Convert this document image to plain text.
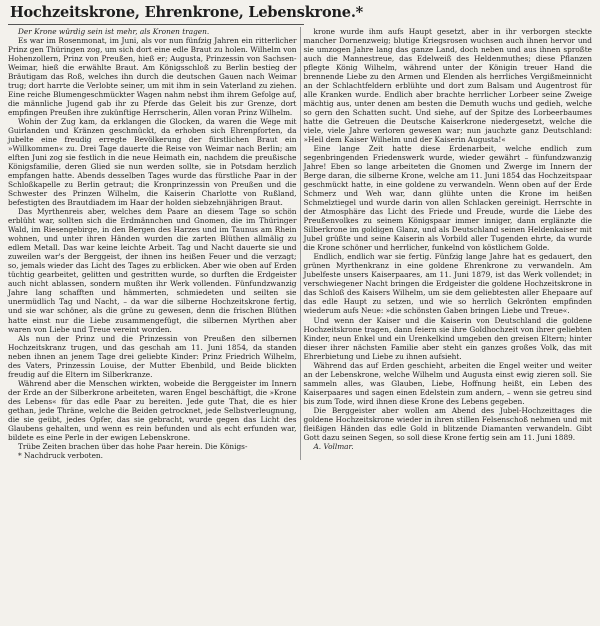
Hochzeitskrone, Ehrenkrone, Lebenskrone.*
Der Krone würdig sein ist mehr, als Kronen tragen.

Es war im Rosenmonat, im Juni, als vor nun fünfzig Jahren ein ritterlicher Prinz gen Thüringen zog, um sich dort eine edle Braut zu holen. Wilhelm von Hohenzollern, Prinz von Preußen, hieß er; Augusta, Prinzessin von Sachsen-Weimar, hieß die erwählte Braut. Am Königsschloß zu Berlin bestieg der Bräutigam das Roß, welches ihn durch die deutschen Gauen nach Weimar trug; dort harrte die Verlobte seiner, um mit ihm in sein Vaterland zu ziehen. Eine reiche Blumengeschmückter Wagen nahm nebst ihm ihrem Gefolge auf, die männliche Jugend gab ihr zu Pferde das Geleit bis zur Grenze, dort empfingen Preußen ihre zukünftige Herrscherin, Allen voran Prinz Wilhelm.

Wohin der Zug kam, da erklangen die Glocken, da waren die Wege mit Guirlanden und Kränzen geschmückt, da erhoben sich Ehrenpforten, da jubelte eine freudig erregte Bevölkerung der fürstlichen Braut ein »Willkommen« zu. Drei Tage dauerte die Reise von Weimar nach Berlin; am elften Juni zog sie festlich in die neue Heimath ein, nachdem die preußische Königsfamilie, deren Glied sie nun werden sollte, sie in Potsdam herzlich empfangen hatte. Abends desselben Tages wurde das fürstliche Paar in der Schloßkapelle zu Berlin getraut; die Kronprinzessin von Preußen und die Schwester des Prinzen Wilhelm, die Kaiserin Charlotte von Rußland, befestigten des Brautdiadem im Haar der holden siebzehnjährigen Braut.

Das Myrthenreis aber, welches dem Paare an diesem Tage so schön erblüht war, sollten sich die Erdmännchen und Gnomen, die im Thüringer Wald, im Riesengebirge, in den Bergen des Harzes und im Taunus am Rhein wohnen, und unter ihren Händen wurden die zarten Blüthen allmälig zu edlem Metall. Das war keine leichte Arbeit. Tag und Nacht dauerte sie und zuweilen war's der Berggeist, der ihnen ins heißen Feuer und die verzagt; so, jemals wieder das Licht des Tages zu erblicken. Aber wie oben auf Erden tüchtig gearbeitet, gelitten und gestritten wurde, so durften die Erdgeister auch nicht ablassen, sondern mußten ihr Werk vollenden. Fünfundzwanzig Jahre lang schafften und hämmerten, schmiedeten und seilten sie unermüdlich Tag und Nacht, – da war die silberne Hochzeitskrone fertig, und sie war schöner, als die grüne zu gewesen, denn die frischen Blüthen hatte einst nur die Liebe zusammengefügt, die silbernen Myrthen aber waren von Liebe und Treue vereint worden.

Als nun der Prinz und die Prinzessin von Preußen den silbernen Hochzeitskranz trugen, und das geschah am 11. Juni 1854, da standen neben ihnen an jenem Tage drei geliebte Kinder: Prinz Friedrich Wilhelm, des Vaters, Prinzessin Louise, der Mutter Ebenbild, und Beide blickten freudig auf die Eltern im Silberkranze.

Während aber die Menschen wirkten, wobeide die Berggeister im Innern der Erde an der Silberkrone arbeiteten, waren Engel beschäftigt, die »Krone des Lebens« für das edle Paar zu bereiten. Jede gute That, die es hier gethan, jede Thräne, welche die Beiden getrocknet, jede Selbstverleugnung, die sie geübt, jedes Opfer, das sie gebracht, wurde gegen das Licht des Glaubens gehalten, und wenn es rein befunden und als echt erfunden war, bildete es eine Perle in der ewigen Lebenskrone.

Trübe Zeiten brachen über das hohe Paar herein. Die Königs-

* Nachdruck verboten.

krone wurde ihm aufs Haupt gesetzt, aber in ihr verborgen steckte mancher Dornenzweig; blutige Kriegsrosen wuchsen auch ihnen hervor und sie umzogen Jahre lang das ganze Land, doch neben und aus ihnen sproßte auch die Mannestreue, das Edelweiß des Heldenmuthes; diese Pflanzen pflegte König Wilhelm, während unter der Königin treuer Hand die brennende Liebe zu den Armen und Elenden als herrliches Vergißmeinnicht an der Schlachtfeldern erblühte und dort zum Balsam und Augentrost für alle Kranken wurde. Endlich aber brachte herrlicher Lorbeer seine Zweige mächtig aus, unter denen am besten die Demuth wuchs und gedieh, welche so gern den Schatten sucht. Und siehe, auf der Spitze des Lorbeerbaumes hatte die Getreuen die Deutsche Kaiserkrone niedergesetzt, welche die viele, viele Jahre verloren gewesen war; nun jauchzte ganz Deutschland: »Heil dem Kaiser Wilhelm und der Kaiserin Augusta!«

Eine lange Zeit hatte diese Erdenarbeit, welche endlich zum segenbringenden Friedenswerk wurde, wieder gewährt – fünfundzwanzig Jahre! Eben so lange arbeiteten die Gnomen und Zwerge im Innern der Berge daran, die silberne Krone, welche am 11. Juni 1854 das Hochzeitspaar geschmückt hatte, in eine goldene zu verwandeln. Wenn oben auf der Erde Schmerz und Weh war, dann glühte unten die Krone im heißen Schmelztiegel und wurde darin von allen Schlacken gereinigt. Herrschte in der Atmosphäre das Licht des Friede und Freude, wurde die Liebe des Preußenvolkes zu seinem Königspaar immer inniger, dann erglänzte die Silberkrone im goldigen Glanz, und als Deutschland seinen Heldenkaiser mit Jubel grüßte und seine Kaiserin als Vorbild aller Tugenden ehrte, da wurde die Krone schöner und herrlicher, funkelnd von köstlichem Golde.

Endlich, endlich war sie fertig. Fünfzig lange Jahre hat es gedauert, den grünen Myrthenkranz in eine goldene Ehrenkrone zu verwandeln. Am Jubelfeste unsers Kaiserpaares, am 11. Juni 1879, ist das Werk vollendet; in verschwiegener Nacht bringen die Erdgeister die goldene Hochzeitskrone in das Schloß des Kaisers Wilhelm, um sie dem geliebtesten aller Ehepaare auf das edle Haupt zu setzen, und wie so herrlich Gekrönten empfinden wiederum aufs Neue: »die schönsten Gaben bringen Liebe und Treue«.

Und wenn der Kaiser und die Kaiserin von Deutschland die goldene Hochzeitskrone tragen, dann feiern sie ihre Goldhochzeit von ihrer geliebten Kinder, neun Enkel und ein Urenkelkind umgeben den greisen Eltern; hinter dieser ihrer nächsten Familie aber steht ein ganzes großes Volk, das mit Ehrerbietung und Liebe zu ihnen aufsieht.

Während das auf Erden geschieht, arbeiten die Engel weiter und weiter an der Lebenskrone, welche Wilhelm und Augusta einst ewig zieren soll. Sie sammeln alles, was Glauben, Liebe, Hoffnung heißt, ein Leben des Kaiserpaares und sagen einen Edelstein zum andern, – wenn sie getreu sind bis zum Tode, wird ihnen diese Krone des Lebens gegeben.

Die Berggeister aber wollen am Abend des Jubel-Hochzeittages die goldene Hochzeitskrone wieder in ihren stillen Felsenschoß nehmen und mit fleißigen Händen das edle Gold in blitzende Diamanten verwandeln. Gibt Gott dazu seinen Segen, so soll diese Krone fertig sein am 11. Juni 1889.

A. Vollmar.
